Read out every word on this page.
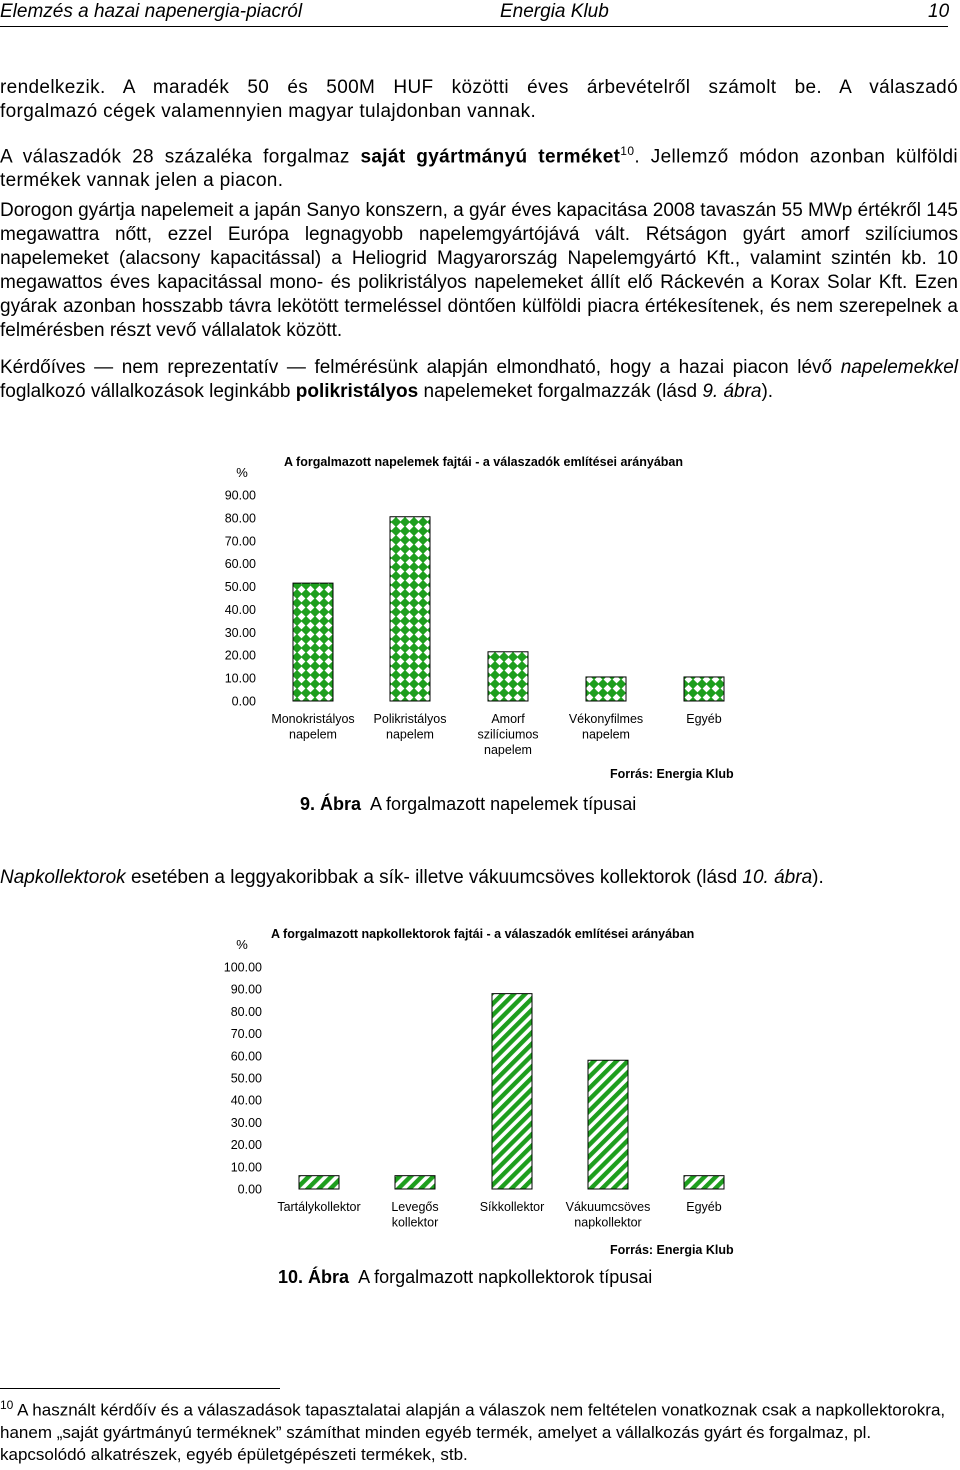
Elemzés a hazai napenergia-piacról	Energia Klub	10

rendelkezik. A maradék 50 és 500M HUF közötti éves árbevételről számolt be. A válaszadó

forgalmazó cégek valamennyien magyar tulajdonban vannak.

A válaszadók 28 százaléka forgalmaz saját gyártmányú terméket$^{10}$. Jellemző módon azonban külföldi termékek vannak jelen a piacon.

Dorogon gyártja napelemeit a japán Sanyo konszern, a gyár éves kapacitása 2008 tavaszán 55 MWp értékről 145 megawattra nőtt, ezzel Európa legnagyobb napelemgyártójává vált. Rétságon gyárt amorf szilíciumos napelemeket (alacsony kapacitással) a Heliogrid Magyarország Napelemgyártó Kft., valamint szintén kb. 10 megawattos éves kapacitással mono- és polikristályos napelemeket állít elő Ráckevén a Korax Solar Kft. Ezen gyárak azonban hosszabb távra lekötött termeléssel döntően külföldi piacra értékesítenek, és nem szerepelnek a felmérésben részt vevő vállalatok között.

Kérdőíves — nem reprezentatív — felmérésünk alapján elmondható, hogy a hazai piacon lévő napelemekkel foglalkozó vállalkozások leginkább polikristályos napelemeket forgalmazzák (lásd 9. ábra).

Napkollektorok esetében a leggyakoribbak a sík- illetve vákuumcsöves kollektorok (lásd 10. ábra).

A forgalmazott napelemek fajtái - a válaszadók említései arányában
%
0.00
10.00
20.00
30.00
40.00
50.00
60.00
70.00
80.00
90.00
Monokristályos napelem
Polikristályos napelem
Amorf szilíciumos napelem
Vékonyfilmes napelem
Egyéb
Forrás: Energia Klub
A forgalmazott napkollektorok fajtái - a válaszadók említései arányában
%
0.00
10.00
20.00
30.00
40.00
50.00
60.00
70.00
80.00
90.00
100.00
Tartálykollektor Levegős kollektor
Síkkollektor Vákuumcsöves napkollektor
Egyéb
Forrás: Energia Klub
9. Ábra A forgalmazott napelemek típusai
10. Ábra A forgalmazott napkollektorok típusai
$^{10}$ A használt kérdőív és a válaszadások tapasztalatai alapján a válaszok nem feltételen vonatkoznak csak a napkollektorokra, hanem „saját gyártmányú terméknek” számíthat minden egyéb termék, amelyet a vállalkozás gyárt és forgalmaz, pl. kapcsolódó alkatrészek, egyéb épületgépészeti termékek, stb.
